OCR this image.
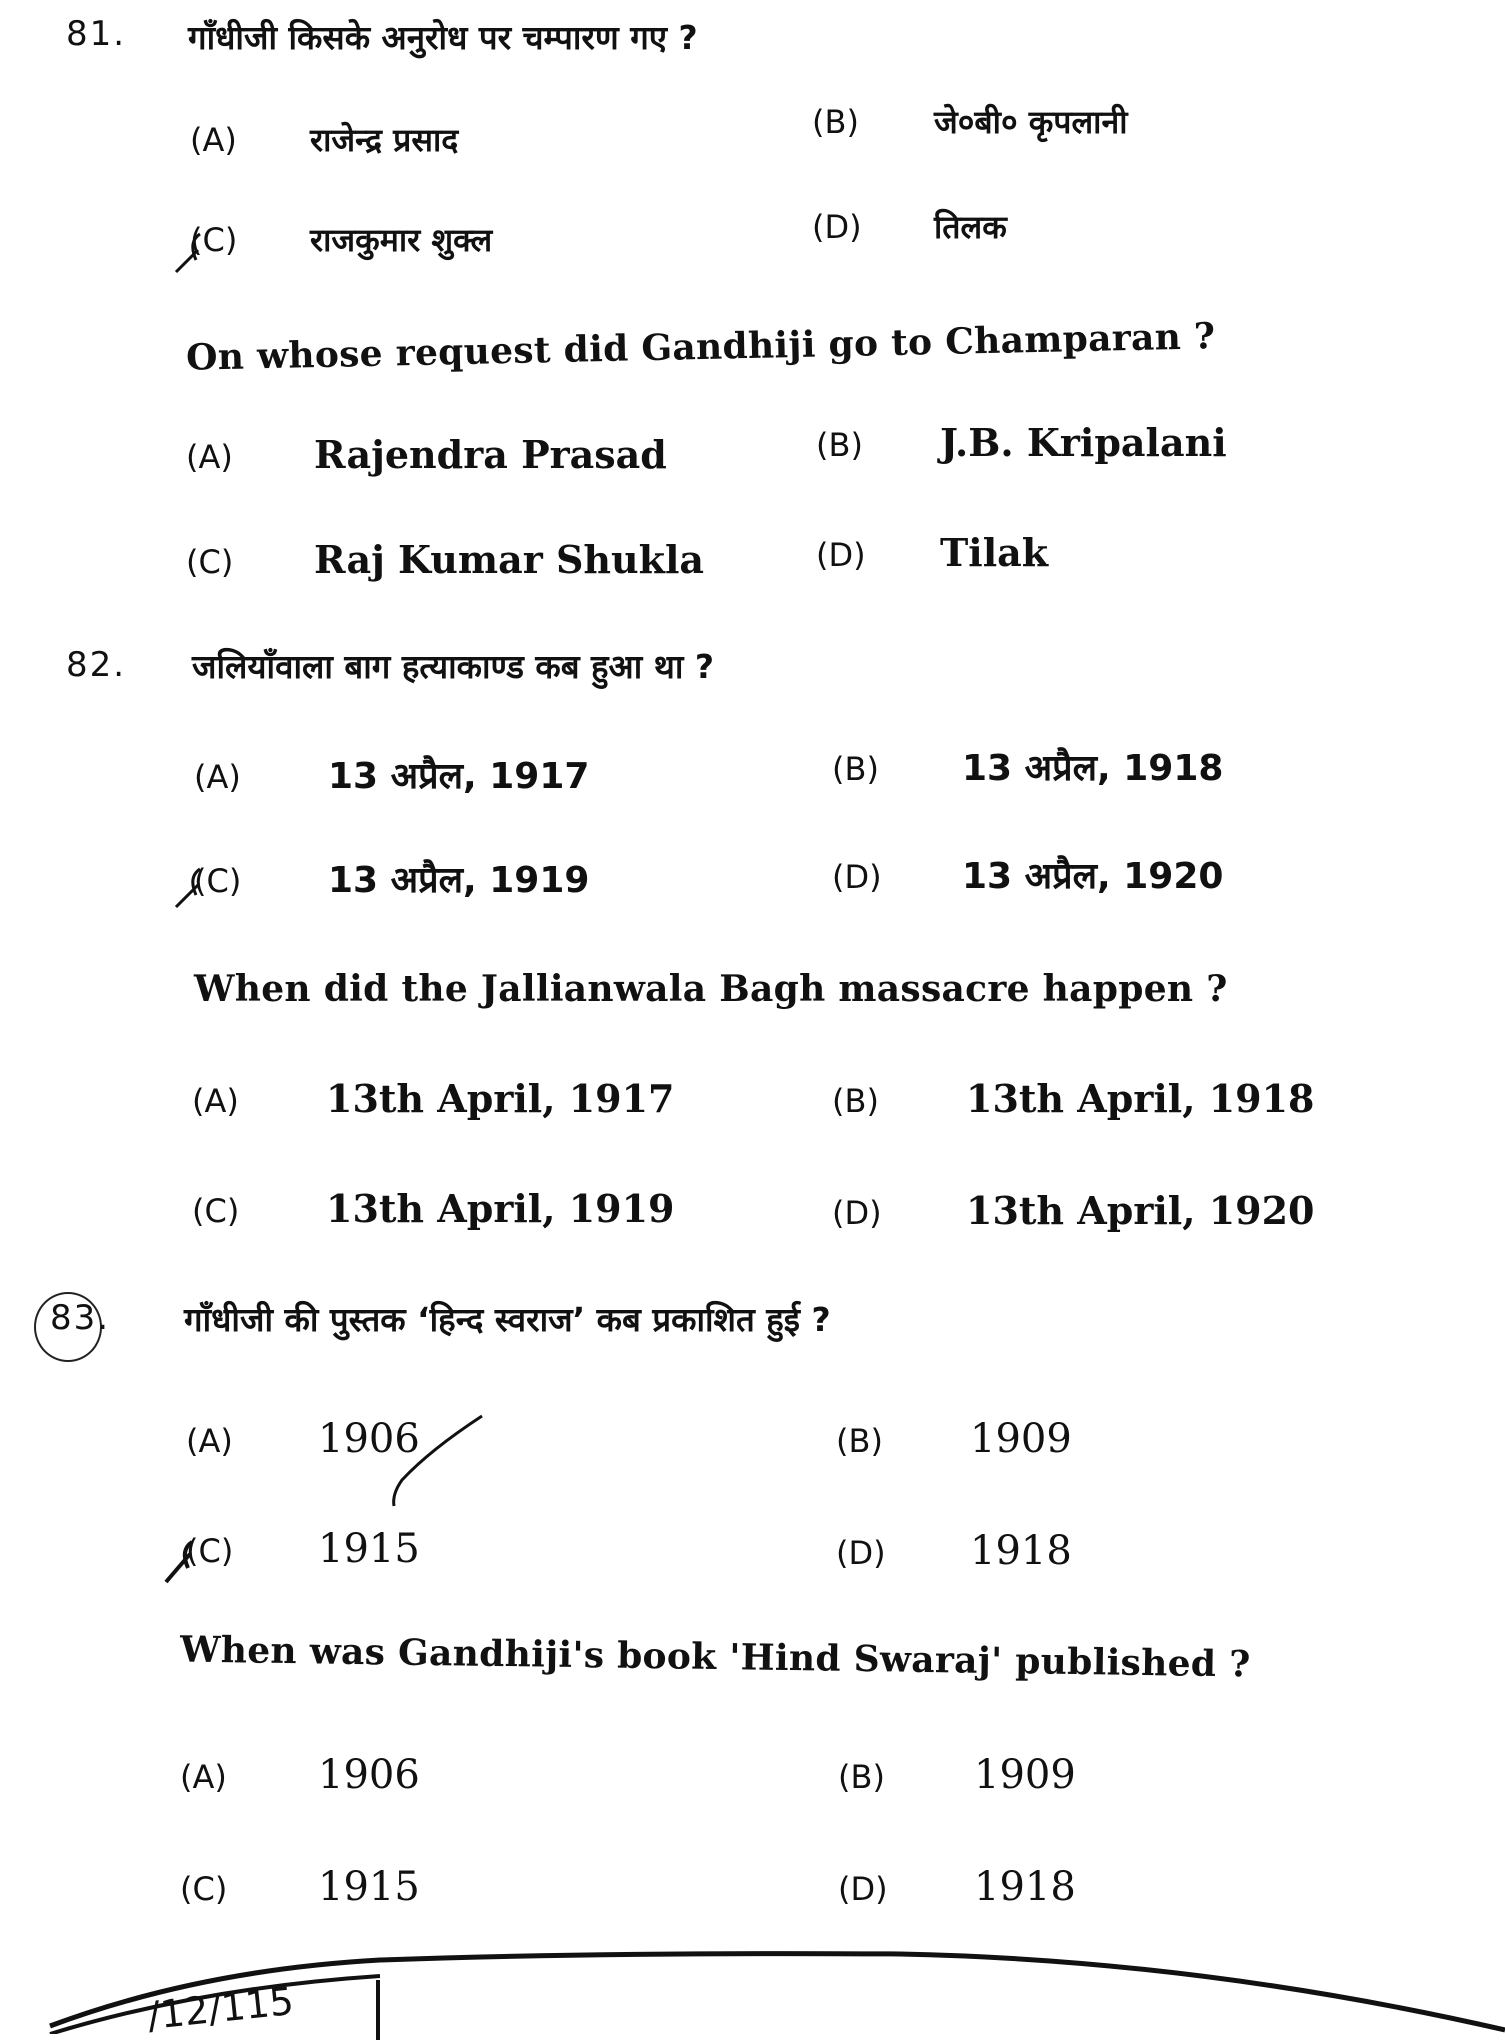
81. गाँधीजी किसके अनुरोध पर चम्पारण गए ?
(A)	राजेन्द्र प्रसाद	(B)	जे०बी० कृपलानी
(C)	राजकुमार शुक्ल	(D)	तिलक
On whose request did Gandhiji go to Champaran ?
(A)	Rajendra Prasad	(B)	J.B. Kripalani
(C)	Raj Kumar Shukla	(D)	Tilak
82. जलियाँवाला बाग हत्याकाण्ड कब हुआ था ?
(A)	13 अप्रैल, 1917	(B)	13 अप्रैल, 1918
(C)	13 अप्रैल, 1919	(D)	13 अप्रैल, 1920
When did the Jallianwala Bagh massacre happen ?
(A)	13th April, 1917	(B)	13th April, 1918
(C)	13th April, 1919	(D)	13th April, 1920
83. गाँधीजी की पुस्तक ‘हिन्द स्वराज’ कब प्रकाशित हुई ?
(A)	1906	(B)	1909
(C)	1915	(D)	1918
When was Gandhiji's book 'Hind Swaraj' published ?
(A)	1906	(B)	1909
(C)	1915	(D)	1918
/12/115
